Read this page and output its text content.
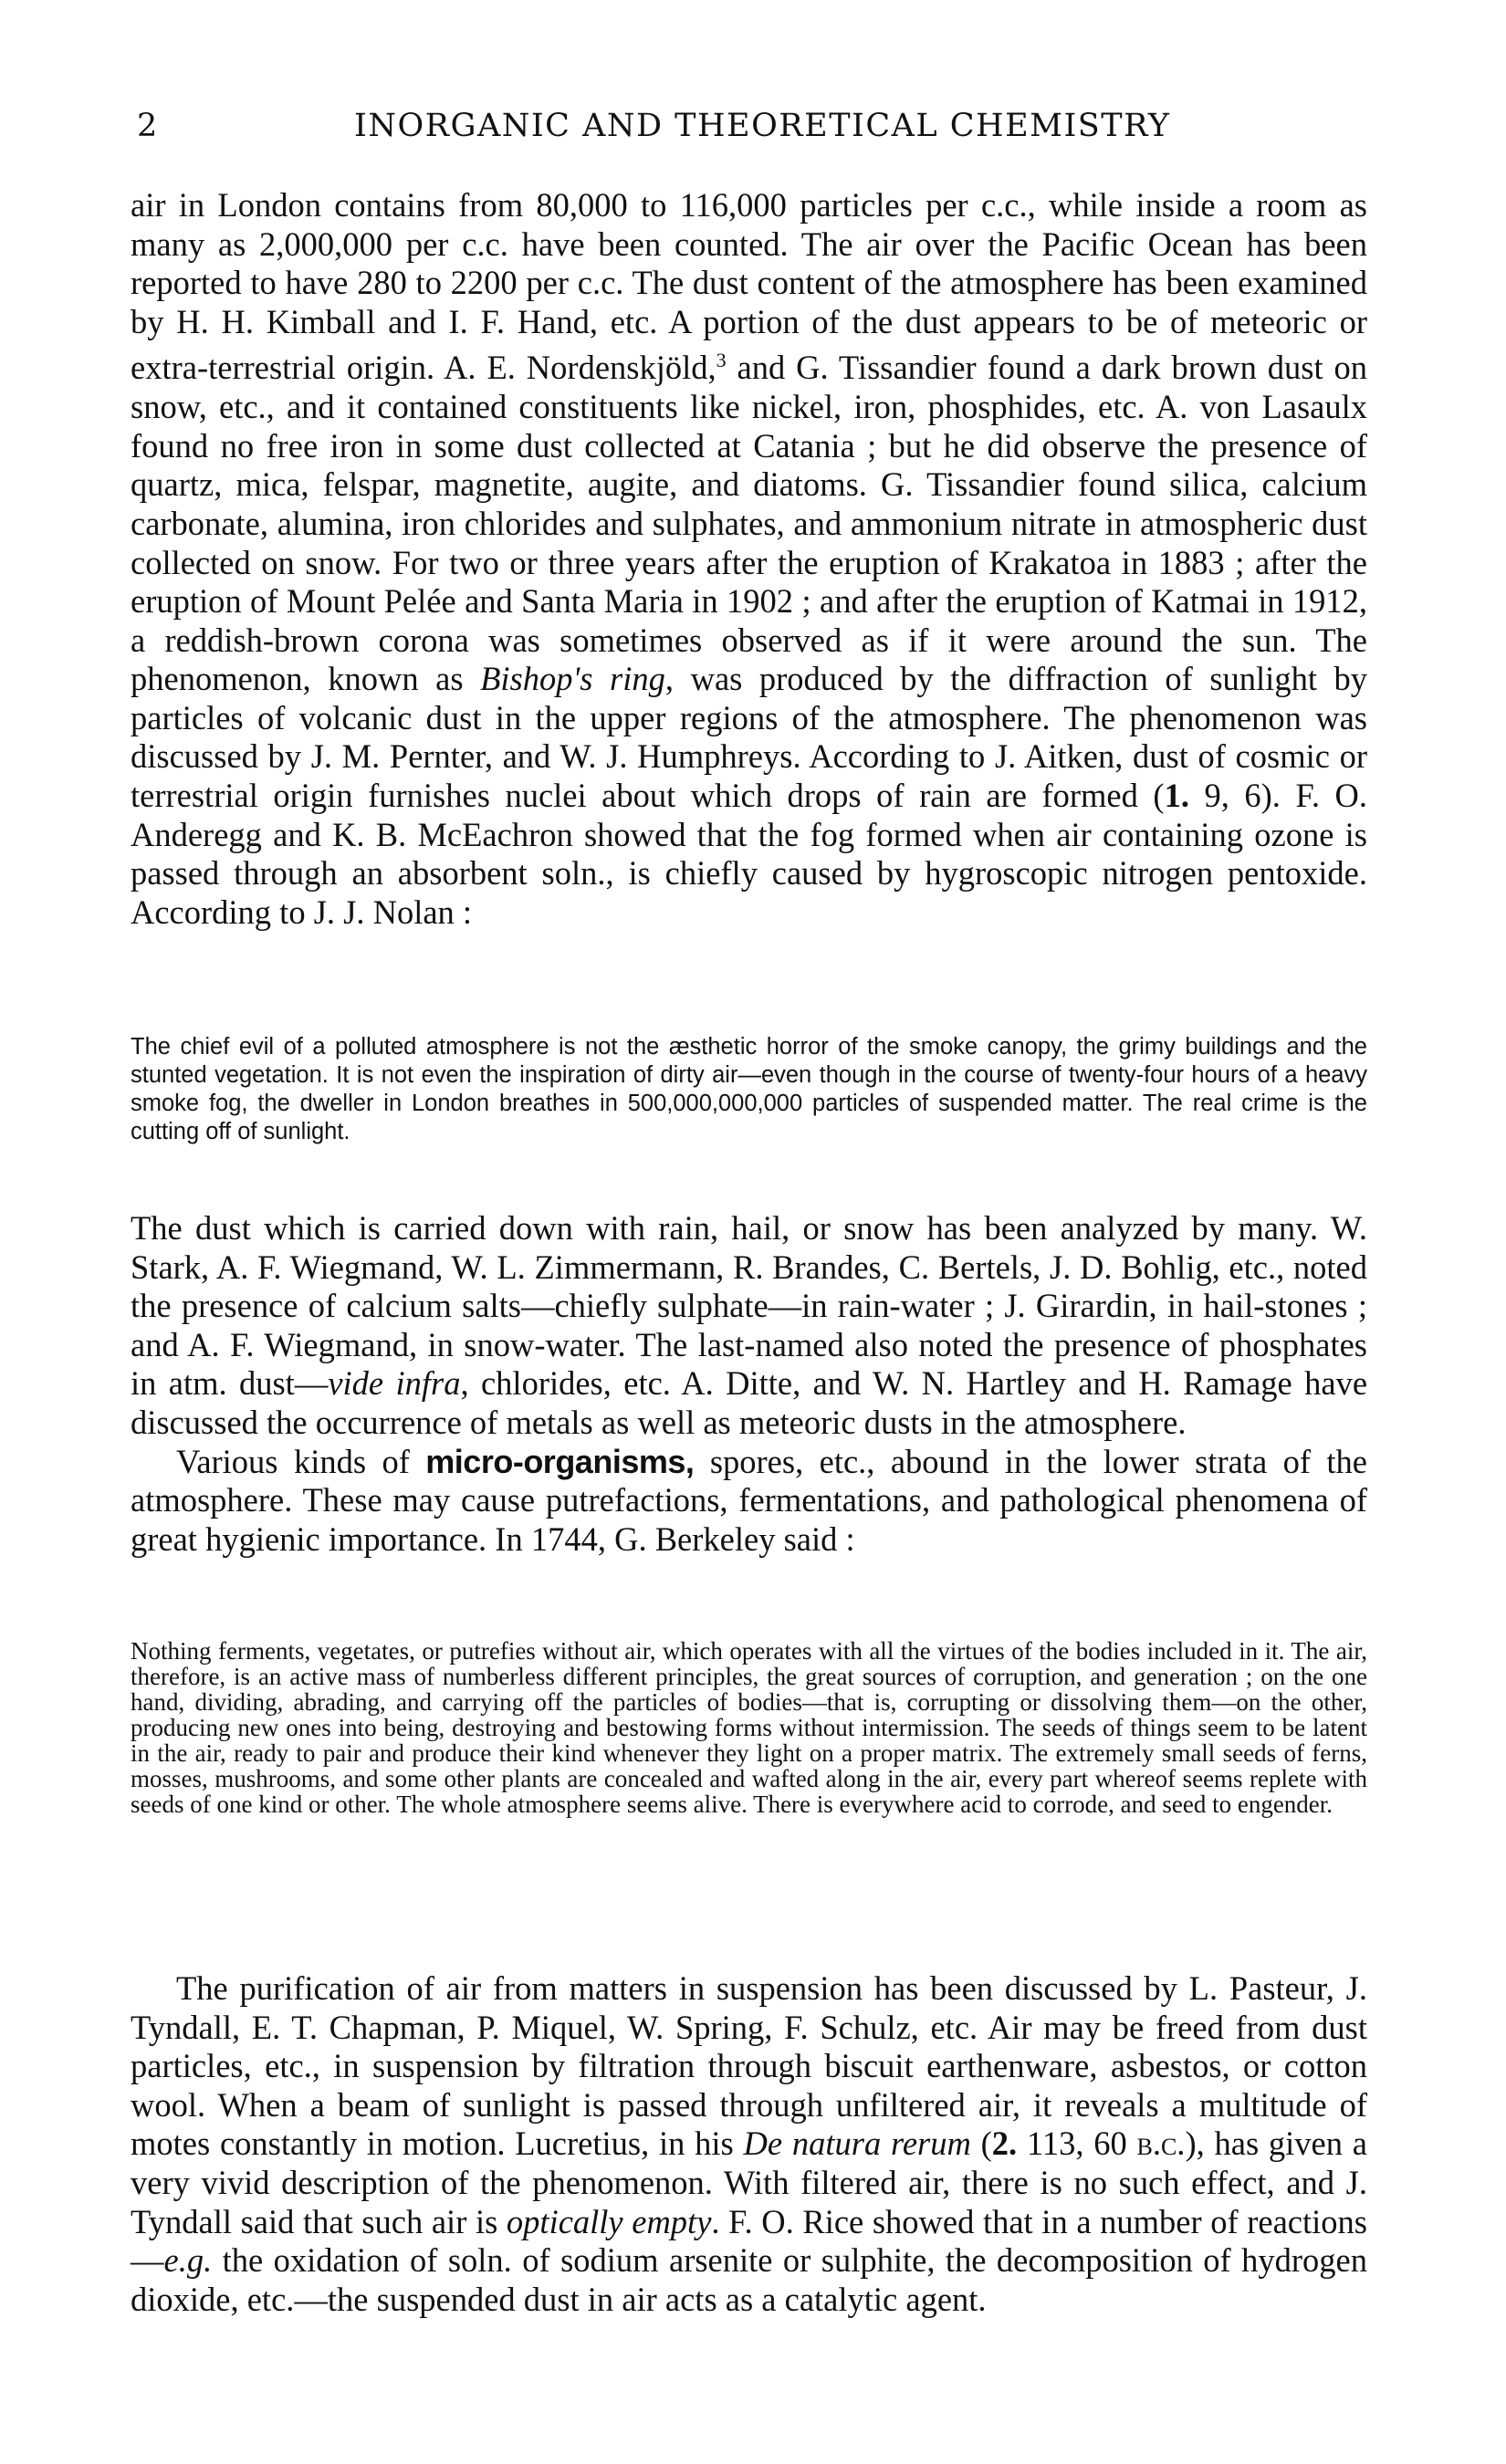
2	INORGANIC AND THEORETICAL CHEMISTRY

air in London contains from 80,000 to 116,000 particles per c.c., while inside a room as many as 2,000,000 per c.c. have been counted. The air over the Pacific Ocean has been reported to have 280 to 2200 per c.c. The dust content of the atmosphere has been examined by H. H. Kimball and I. F. Hand, etc. A portion of the dust appears to be of meteoric or extra-terrestrial origin. A. E. Nordenskjöld,$^3$ and G. Tissandier found a dark brown dust on snow, etc., and it contained constituents like nickel, iron, phosphides, etc. A. von Lasaulx found no free iron in some dust collected at Catania ; but he did observe the presence of quartz, mica, felspar, magnetite, augite, and diatoms. G. Tissandier found silica, calcium carbonate, alumina, iron chlorides and sulphates, and ammonium nitrate in atmospheric dust collected on snow. For two or three years after the eruption of Krakatoa in 1883 ; after the eruption of Mount Pelée and Santa Maria in 1902 ; and after the eruption of Katmai in 1912, a reddish-brown corona was sometimes observed as if it were around the sun. The phenomenon, known as Bishop's ring, was produced by the diffraction of sunlight by particles of volcanic dust in the upper regions of the atmosphere. The phenomenon was discussed by J. M. Pernter, and W. J. Humphreys. According to J. Aitken, dust of cosmic or terrestrial origin furnishes nuclei about which drops of rain are formed (1. 9, 6). F. O. Anderegg and K. B. McEachron showed that the fog formed when air containing ozone is passed through an absorbent soln., is chiefly caused by hygroscopic nitrogen pentoxide. According to J. J. Nolan :

The chief evil of a polluted atmosphere is not the æsthetic horror of the smoke canopy, the grimy buildings and the stunted vegetation. It is not even the inspiration of dirty air—even though in the course of twenty-four hours of a heavy smoke fog, the dweller in London breathes in 500,000,000,000 particles of suspended matter. The real crime is the cutting off of sunlight.

The dust which is carried down with rain, hail, or snow has been analyzed by many. W. Stark, A. F. Wiegmand, W. L. Zimmermann, R. Brandes, C. Bertels, J. D. Bohlig, etc., noted the presence of calcium salts—chiefly sulphate—in rain-water ; J. Girardin, in hail-stones ; and A. F. Wiegmand, in snow-water. The last-named also noted the presence of phosphates in atm. dust—vide infra, chlorides, etc. A. Ditte, and W. N. Hartley and H. Ramage have discussed the occurrence of metals as well as meteoric dusts in the atmosphere.

Various kinds of micro-organisms, spores, etc., abound in the lower strata of the atmosphere. These may cause putrefactions, fermentations, and pathological phenomena of great hygienic importance. In 1744, G. Berkeley said :

Nothing ferments, vegetates, or putrefies without air, which operates with all the virtues of the bodies included in it. The air, therefore, is an active mass of numberless different principles, the great sources of corruption, and generation ; on the one hand, dividing, abrading, and carrying off the particles of bodies—that is, corrupting or dissolving them—on the other, producing new ones into being, destroying and bestowing forms without intermission. The seeds of things seem to be latent in the air, ready to pair and produce their kind whenever they light on a proper matrix. The extremely small seeds of ferns, mosses, mushrooms, and some other plants are concealed and wafted along in the air, every part whereof seems replete with seeds of one kind or other. The whole atmosphere seems alive. There is everywhere acid to corrode, and seed to engender.

The purification of air from matters in suspension has been discussed by L. Pasteur, J. Tyndall, E. T. Chapman, P. Miquel, W. Spring, F. Schulz, etc. Air may be freed from dust particles, etc., in suspension by filtration through biscuit earthenware, asbestos, or cotton wool. When a beam of sunlight is passed through unfiltered air, it reveals a multitude of motes constantly in motion. Lucretius, in his De natura rerum (2. 113, 60 b.c.), has given a very vivid description of the phenomenon. With filtered air, there is no such effect, and J. Tyndall said that such air is optically empty. F. O. Rice showed that in a number of reactions—e.g. the oxidation of soln. of sodium arsenite or sulphite, the decomposition of hydrogen dioxide, etc.—the suspended dust in air acts as a catalytic agent.
